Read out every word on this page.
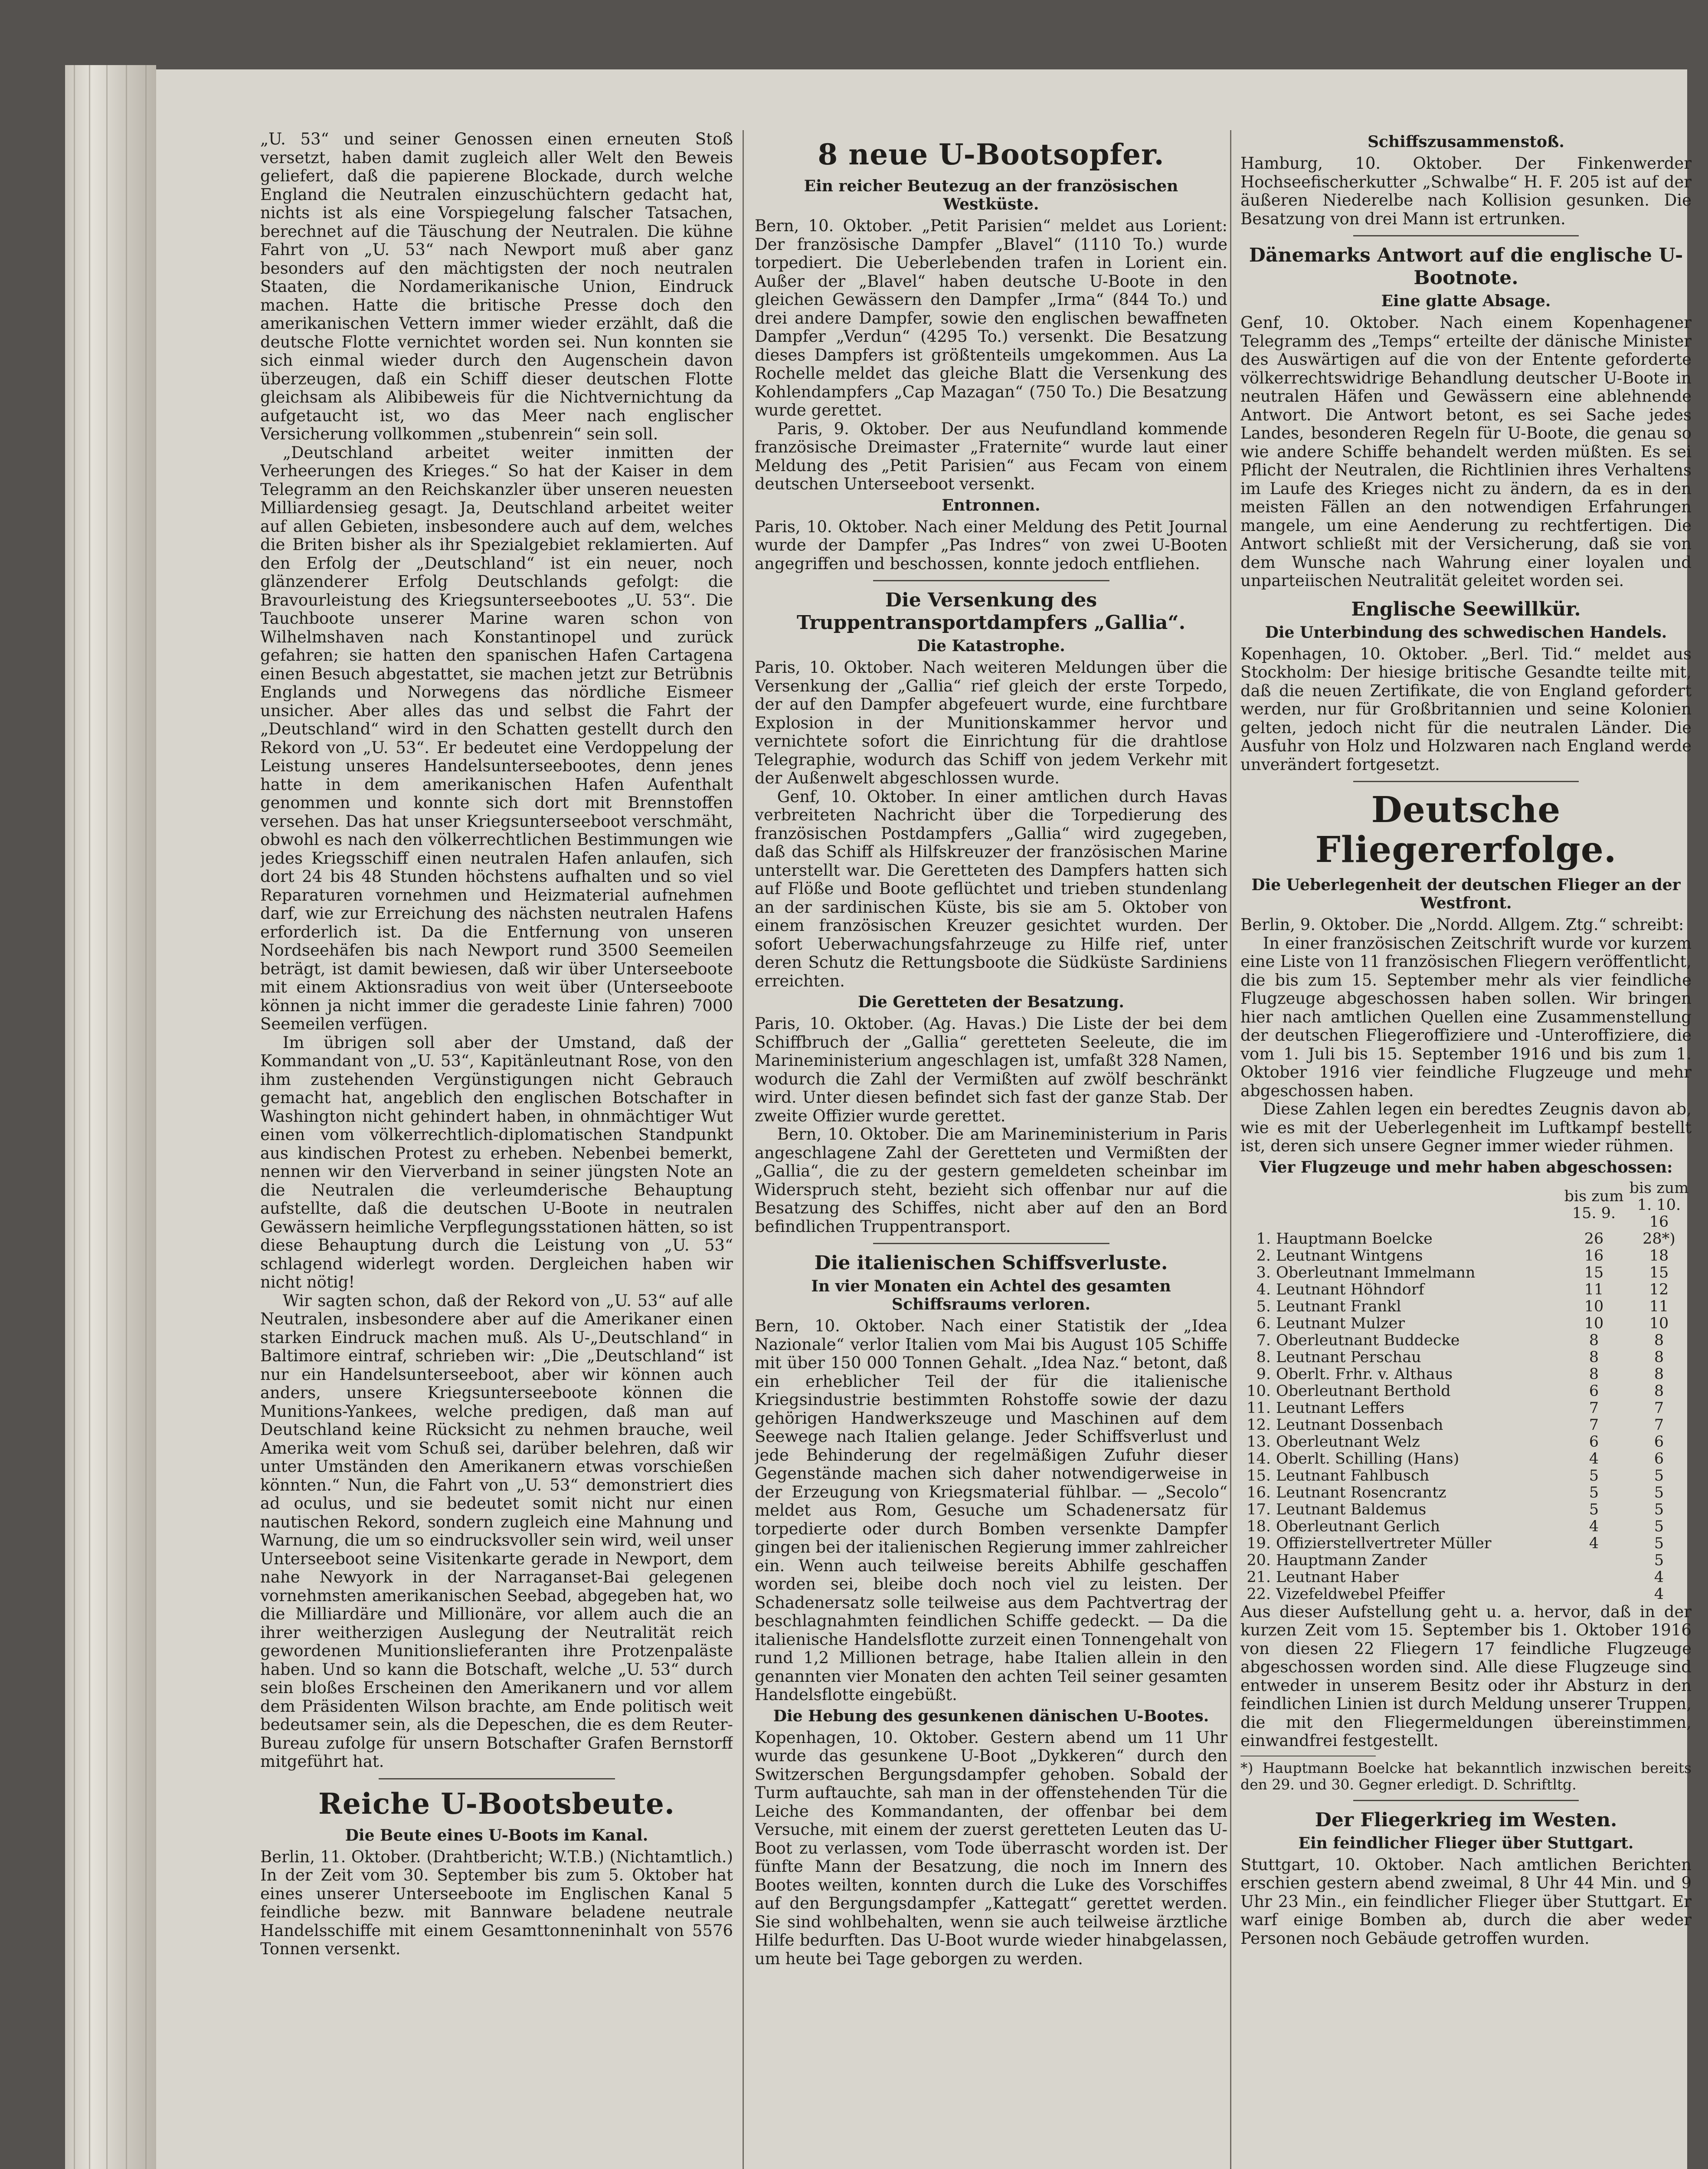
„U. 53“ und seiner Genossen einen erneuten Stoß versetzt, haben damit zugleich aller Welt den Beweis geliefert, daß die papierene Blockade, durch welche England die Neutralen einzuschüchtern gedacht hat, nichts ist als eine Vorspiegelung falscher Tatsachen, berechnet auf die Täuschung der Neutralen. Die kühne Fahrt von „U. 53“ nach Newport muß aber ganz besonders auf den mächtigsten der noch neutralen Staaten, die Nordamerikanische Union, Eindruck machen. Hatte die britische Presse doch den amerikanischen Vettern immer wieder erzählt, daß die deutsche Flotte vernichtet worden sei. Nun konnten sie sich einmal wieder durch den Augenschein davon überzeugen, daß ein Schiff dieser deutschen Flotte gleichsam als Alibibeweis für die Nichtvernichtung da aufgetaucht ist, wo das Meer nach englischer Versicherung vollkommen „stubenrein“ sein soll.

„Deutschland arbeitet weiter inmitten der Verheerungen des Krieges.“ So hat der Kaiser in dem Telegramm an den Reichskanzler über unseren neuesten Milliardensieg gesagt. Ja, Deutschland arbeitet weiter auf allen Gebieten, insbesondere auch auf dem, welches die Briten bisher als ihr Spezialgebiet reklamierten. Auf den Erfolg der „Deutschland“ ist ein neuer, noch glänzenderer Erfolg Deutschlands gefolgt: die Bravourleistung des Kriegsunterseebootes „U. 53“. Die Tauchboote unserer Marine waren schon von Wilhelmshaven nach Konstantinopel und zurück gefahren; sie hatten den spanischen Hafen Cartagena einen Besuch abgestattet, sie machen jetzt zur Betrübnis Englands und Norwegens das nördliche Eismeer unsicher. Aber alles das und selbst die Fahrt der „Deutschland“ wird in den Schatten gestellt durch den Rekord von „U. 53“. Er bedeutet eine Verdoppelung der Leistung unseres Handelsunterseebootes, denn jenes hatte in dem amerikanischen Hafen Aufenthalt genommen und konnte sich dort mit Brennstoffen versehen. Das hat unser Kriegsunterseeboot verschmäht, obwohl es nach den völkerrechtlichen Bestimmungen wie jedes Kriegsschiff einen neutralen Hafen anlaufen, sich dort 24 bis 48 Stunden höchstens aufhalten und so viel Reparaturen vornehmen und Heizmaterial aufnehmen darf, wie zur Erreichung des nächsten neutralen Hafens erforderlich ist. Da die Entfernung von unseren Nordseehäfen bis nach Newport rund 3500 Seemeilen beträgt, ist damit bewiesen, daß wir über Unterseeboote mit einem Aktionsradius von weit über (Unterseeboote können ja nicht immer die geradeste Linie fahren) 7000 Seemeilen verfügen.

Im übrigen soll aber der Umstand, daß der Kommandant von „U. 53“, Kapitänleutnant Rose, von den ihm zustehenden Vergünstigungen nicht Gebrauch gemacht hat, angeblich den englischen Botschafter in Washington nicht gehindert haben, in ohnmächtiger Wut einen vom völkerrechtlich-diplomatischen Standpunkt aus kindischen Protest zu erheben. Nebenbei bemerkt, nennen wir den Vierverband in seiner jüngsten Note an die Neutralen die verleumderische Behauptung aufstellte, daß die deutschen U-Boote in neutralen Gewässern heimliche Verpflegungsstationen hätten, so ist diese Behauptung durch die Leistung von „U. 53“ schlagend widerlegt worden. Dergleichen haben wir nicht nötig!

Wir sagten schon, daß der Rekord von „U. 53“ auf alle Neutralen, insbesondere aber auf die Amerikaner einen starken Eindruck machen muß. Als U-„Deutschland“ in Baltimore eintraf, schrieben wir: „Die „Deutschland“ ist nur ein Handelsunterseeboot, aber wir können auch anders, unsere Kriegsunterseeboote können die Munitions-Yankees, welche predigen, daß man auf Deutschland keine Rücksicht zu nehmen brauche, weil Amerika weit vom Schuß sei, darüber belehren, daß wir unter Umständen den Amerikanern etwas vorschießen könnten.“ Nun, die Fahrt von „U. 53“ demonstriert dies ad oculus, und sie bedeutet somit nicht nur einen nautischen Rekord, sondern zugleich eine Mahnung und Warnung, die um so eindrucksvoller sein wird, weil unser Unterseeboot seine Visitenkarte gerade in Newport, dem nahe Newyork in der Narraganset-Bai gelegenen vornehmsten amerikanischen Seebad, abgegeben hat, wo die Milliardäre und Millionäre, vor allem auch die an ihrer weitherzigen Auslegung der Neutralität reich gewordenen Munitionslieferanten ihre Protzenpaläste haben. Und so kann die Botschaft, welche „U. 53“ durch sein bloßes Erscheinen den Amerikanern und vor allem dem Präsidenten Wilson brachte, am Ende politisch weit bedeutsamer sein, als die Depeschen, die es dem Reuter-Bureau zufolge für unsern Botschafter Grafen Bernstorff mitgeführt hat.

Reiche U-Bootsbeute.
Die Beute eines U-Boots im Kanal.

Berlin, 11. Oktober. (Drahtbericht; W.T.B.) (Nichtamtlich.) In der Zeit vom 30. September bis zum 5. Oktober hat eines unserer Unterseeboote im Englischen Kanal 5 feindliche bezw. mit Bannware beladene neutrale Handelsschiffe mit einem Gesamttonneninhalt von 5576 Tonnen versenkt.

8 neue U-Bootsopfer.
Ein reicher Beutezug an der französischen Westküste.

Bern, 10. Oktober. „Petit Parisien“ meldet aus Lorient: Der französische Dampfer „Blavel“ (1110 To.) wurde torpediert. Die Ueberlebenden trafen in Lorient ein. Außer der „Blavel“ haben deutsche U-Boote in den gleichen Gewässern den Dampfer „Irma“ (844 To.) und drei andere Dampfer, sowie den englischen bewaffneten Dampfer „Verdun“ (4295 To.) versenkt. Die Besatzung dieses Dampfers ist größtenteils umgekommen. Aus La Rochelle meldet das gleiche Blatt die Versenkung des Kohlendampfers „Cap Mazagan“ (750 To.) Die Besatzung wurde gerettet.

Paris, 9. Oktober. Der aus Neufundland kommende französische Dreimaster „Fraternite“ wurde laut einer Meldung des „Petit Parisien“ aus Fecam von einem deutschen Unterseeboot versenkt.

Entronnen.

Paris, 10. Oktober. Nach einer Meldung des Petit Journal wurde der Dampfer „Pas Indres“ von zwei U-Booten angegriffen und beschossen, konnte jedoch entfliehen.

Die Versenkung des Truppentransportdampfers „Gallia“.
Die Katastrophe.

Paris, 10. Oktober. Nach weiteren Meldungen über die Versenkung der „Gallia“ rief gleich der erste Torpedo, der auf den Dampfer abgefeuert wurde, eine furchtbare Explosion in der Munitionskammer hervor und vernichtete sofort die Einrichtung für die drahtlose Telegraphie, wodurch das Schiff von jedem Verkehr mit der Außenwelt abgeschlossen wurde.

Genf, 10. Oktober. In einer amtlichen durch Havas verbreiteten Nachricht über die Torpedierung des französischen Postdampfers „Gallia“ wird zugegeben, daß das Schiff als Hilfskreuzer der französischen Marine unterstellt war. Die Geretteten des Dampfers hatten sich auf Flöße und Boote geflüchtet und trieben stundenlang an der sardinischen Küste, bis sie am 5. Oktober von einem französischen Kreuzer gesichtet wurden. Der sofort Ueberwachungsfahrzeuge zu Hilfe rief, unter deren Schutz die Rettungsboote die Südküste Sardiniens erreichten.

Die Geretteten der Besatzung.

Paris, 10. Oktober. (Ag. Havas.) Die Liste der bei dem Schiffbruch der „Gallia“ geretteten Seeleute, die im Marineministerium angeschlagen ist, umfaßt 328 Namen, wodurch die Zahl der Vermißten auf zwölf beschränkt wird. Unter diesen befindet sich fast der ganze Stab. Der zweite Offizier wurde gerettet.

Bern, 10. Oktober. Die am Marineministerium in Paris angeschlagene Zahl der Geretteten und Vermißten der „Gallia“, die zu der gestern gemeldeten scheinbar im Widerspruch steht, bezieht sich offenbar nur auf die Besatzung des Schiffes, nicht aber auf den an Bord befindlichen Truppentransport.

Die italienischen Schiffsverluste.
In vier Monaten ein Achtel des gesamten Schiffsraums verloren.

Bern, 10. Oktober. Nach einer Statistik der „Idea Nazionale“ verlor Italien vom Mai bis August 105 Schiffe mit über 150 000 Tonnen Gehalt. „Idea Naz.“ betont, daß ein erheblicher Teil der für die italienische Kriegsindustrie bestimmten Rohstoffe sowie der dazu gehörigen Handwerkszeuge und Maschinen auf dem Seewege nach Italien gelange. Jeder Schiffsverlust und jede Behinderung der regelmäßigen Zufuhr dieser Gegenstände machen sich daher notwendigerweise in der Erzeugung von Kriegsmaterial fühlbar. — „Secolo“ meldet aus Rom, Gesuche um Schadenersatz für torpedierte oder durch Bomben versenkte Dampfer gingen bei der italienischen Regierung immer zahlreicher ein. Wenn auch teilweise bereits Abhilfe geschaffen worden sei, bleibe doch noch viel zu leisten. Der Schadenersatz solle teilweise aus dem Pachtvertrag der beschlagnahmten feindlichen Schiffe gedeckt. — Da die italienische Handelsflotte zurzeit einen Tonnengehalt von rund 1,2 Millionen betrage, habe Italien allein in den genannten vier Monaten den achten Teil seiner gesamten Handelsflotte eingebüßt.

Die Hebung des gesunkenen dänischen U-Bootes.

Kopenhagen, 10. Oktober. Gestern abend um 11 Uhr wurde das gesunkene U-Boot „Dykkeren“ durch den Switzerschen Bergungsdampfer gehoben. Sobald der Turm auftauchte, sah man in der offenstehenden Tür die Leiche des Kommandanten, der offenbar bei dem Versuche, mit einem der zuerst geretteten Leuten das U-Boot zu verlassen, vom Tode überrascht worden ist. Der fünfte Mann der Besatzung, die noch im Innern des Bootes weilten, konnten durch die Luke des Vorschiffes auf den Bergungsdampfer „Kattegatt“ gerettet werden. Sie sind wohlbehalten, wenn sie auch teilweise ärztliche Hilfe bedurften. Das U-Boot wurde wieder hinabgelassen, um heute bei Tage geborgen zu werden.

Schiffszusammenstoß.

Hamburg, 10. Oktober. Der Finkenwerder Hochseefischerkutter „Schwalbe“ H. F. 205 ist auf der äußeren Niederelbe nach Kollision gesunken. Die Besatzung von drei Mann ist ertrunken.

Dänemarks Antwort auf die englische U-Bootnote.
Eine glatte Absage.

Genf, 10. Oktober. Nach einem Kopenhagener Telegramm des „Temps“ erteilte der dänische Minister des Auswärtigen auf die von der Entente geforderte völkerrechtswidrige Behandlung deutscher U-Boote in neutralen Häfen und Gewässern eine ablehnende Antwort. Die Antwort betont, es sei Sache jedes Landes, besonderen Regeln für U-Boote, die genau so wie andere Schiffe behandelt werden müßten. Es sei Pflicht der Neutralen, die Richtlinien ihres Verhaltens im Laufe des Krieges nicht zu ändern, da es in den meisten Fällen an den notwendigen Erfahrungen mangele, um eine Aenderung zu rechtfertigen. Die Antwort schließt mit der Versicherung, daß sie von dem Wunsche nach Wahrung einer loyalen und unparteiischen Neutralität geleitet worden sei.

Englische Seewillkür.
Die Unterbindung des schwedischen Handels.

Kopenhagen, 10. Oktober. „Berl. Tid.“ meldet aus Stockholm: Der hiesige britische Gesandte teilte mit, daß die neuen Zertifikate, die von England gefordert werden, nur für Großbritannien und seine Kolonien gelten, jedoch nicht für die neutralen Länder. Die Ausfuhr von Holz und Holzwaren nach England werde unverändert fortgesetzt.

Deutsche Fliegererfolge.
Die Ueberlegenheit der deutschen Flieger an der Westfront.

Berlin, 9. Oktober. Die „Nordd. Allgem. Ztg.“ schreibt:

In einer französischen Zeitschrift wurde vor kurzem eine Liste von 11 französischen Fliegern veröffentlicht, die bis zum 15. September mehr als vier feindliche Flugzeuge abgeschossen haben sollen. Wir bringen hier nach amtlichen Quellen eine Zusammenstellung der deutschen Fliegeroffiziere und -Unteroffiziere, die vom 1. Juli bis 15. September 1916 und bis zum 1. Oktober 1916 vier feindliche Flugzeuge und mehr abgeschossen haben.

Diese Zahlen legen ein beredtes Zeugnis davon ab, wie es mit der Ueberlegenheit im Luftkampf bestellt ist, deren sich unsere Gegner immer wieder rühmen.

Vier Flugzeuge und mehr haben abgeschossen:
		bis zum 15. 9.	bis zum 1. 10. 16
1.	Hauptmann Boelcke	26	28*)
2.	Leutnant Wintgens	16	18
3.	Oberleutnant Immelmann	15	15
4.	Leutnant Höhndorf	11	12
5.	Leutnant Frankl	10	11
6.	Leutnant Mulzer	10	10
7.	Oberleutnant Buddecke	8	8
8.	Leutnant Perschau	8	8
9.	Oberlt. Frhr. v. Althaus	8	8
10.	Oberleutnant Berthold	6	8
11.	Leutnant Leffers	7	7
12.	Leutnant Dossenbach	7	7
13.	Oberleutnant Welz	6	6
14.	Oberlt. Schilling (Hans)	4	6
15.	Leutnant Fahlbusch	5	5
16.	Leutnant Rosencrantz	5	5
17.	Leutnant Baldemus	5	5
18.	Oberleutnant Gerlich	4	5
19.	Offizierstellvertreter Müller	4	5
20.	Hauptmann Zander		5
21.	Leutnant Haber		4
22.	Vizefeldwebel Pfeiffer		4

Aus dieser Aufstellung geht u. a. hervor, daß in der kurzen Zeit vom 15. September bis 1. Oktober 1916 von diesen 22 Fliegern 17 feindliche Flugzeuge abgeschossen worden sind. Alle diese Flugzeuge sind entweder in unserem Besitz oder ihr Absturz in den feindlichen Linien ist durch Meldung unserer Truppen, die mit den Fliegermeldungen übereinstimmen, einwandfrei festgestellt.

*) Hauptmann Boelcke hat bekanntlich inzwischen bereits den 29. und 30. Gegner erledigt. D. Schriftltg.

Der Fliegerkrieg im Westen.
Ein feindlicher Flieger über Stuttgart.

Stuttgart, 10. Oktober. Nach amtlichen Berichten erschien gestern abend zweimal, 8 Uhr 44 Min. und 9 Uhr 23 Min., ein feindlicher Flieger über Stuttgart. Er warf einige Bomben ab, durch die aber weder Personen noch Gebäude getroffen wurden.
